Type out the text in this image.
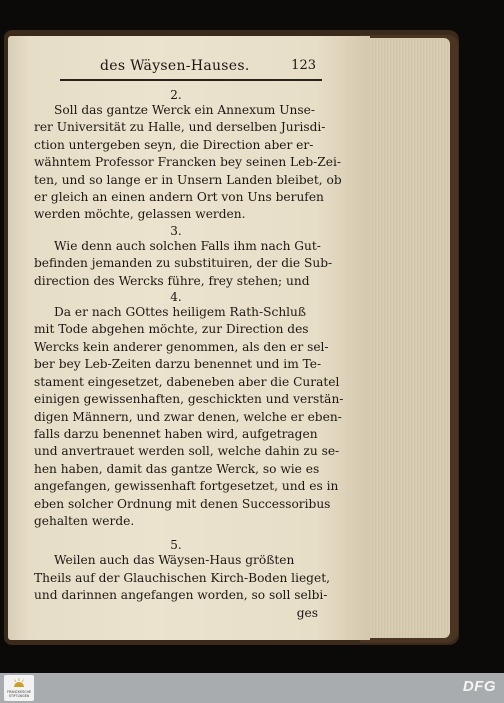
des Wäysen-Hauses.	123
2.
Soll das gantze Werck ein Annexum Unse-
rer Universität zu Halle, und derselben Jurisdi-
ction untergeben seyn, die Direction aber er-
wähntem Professor Francken bey seinen Leb-Zei-
ten, und so lange er in Unsern Landen bleibet, ob
er gleich an einen andern Ort von Uns berufen
werden möchte, gelassen werden.
3.
Wie denn auch solchen Falls ihm nach Gut-
befinden jemanden zu substituiren, der die Sub-
direction des Wercks führe, frey stehen; und
4.
Da er nach GOttes heiligem Rath-Schluß
mit Tode abgehen möchte, zur Direction des
Wercks kein anderer genommen, als den er sel-
ber bey Leb-Zeiten darzu benennet und im Te-
stament eingesetzet, dabeneben aber die Curatel
einigen gewissenhaften, geschickten und verstän-
digen Männern, und zwar denen, welche er eben-
falls darzu benennet haben wird, aufgetragen
und anvertrauet werden soll, welche dahin zu se-
hen haben, damit das gantze Werck, so wie es
angefangen, gewissenhaft fortgesetzet, und es in
eben solcher Ordnung mit denen Successoribus
gehalten werde.
5.
Weilen auch das Wäysen-Haus größten
Theils auf der Glauchischen Kirch-Boden lieget,
und darinnen angefangen worden, so soll selbi-
ges
FRANCKESCHE STIFTUNGEN
DFG
